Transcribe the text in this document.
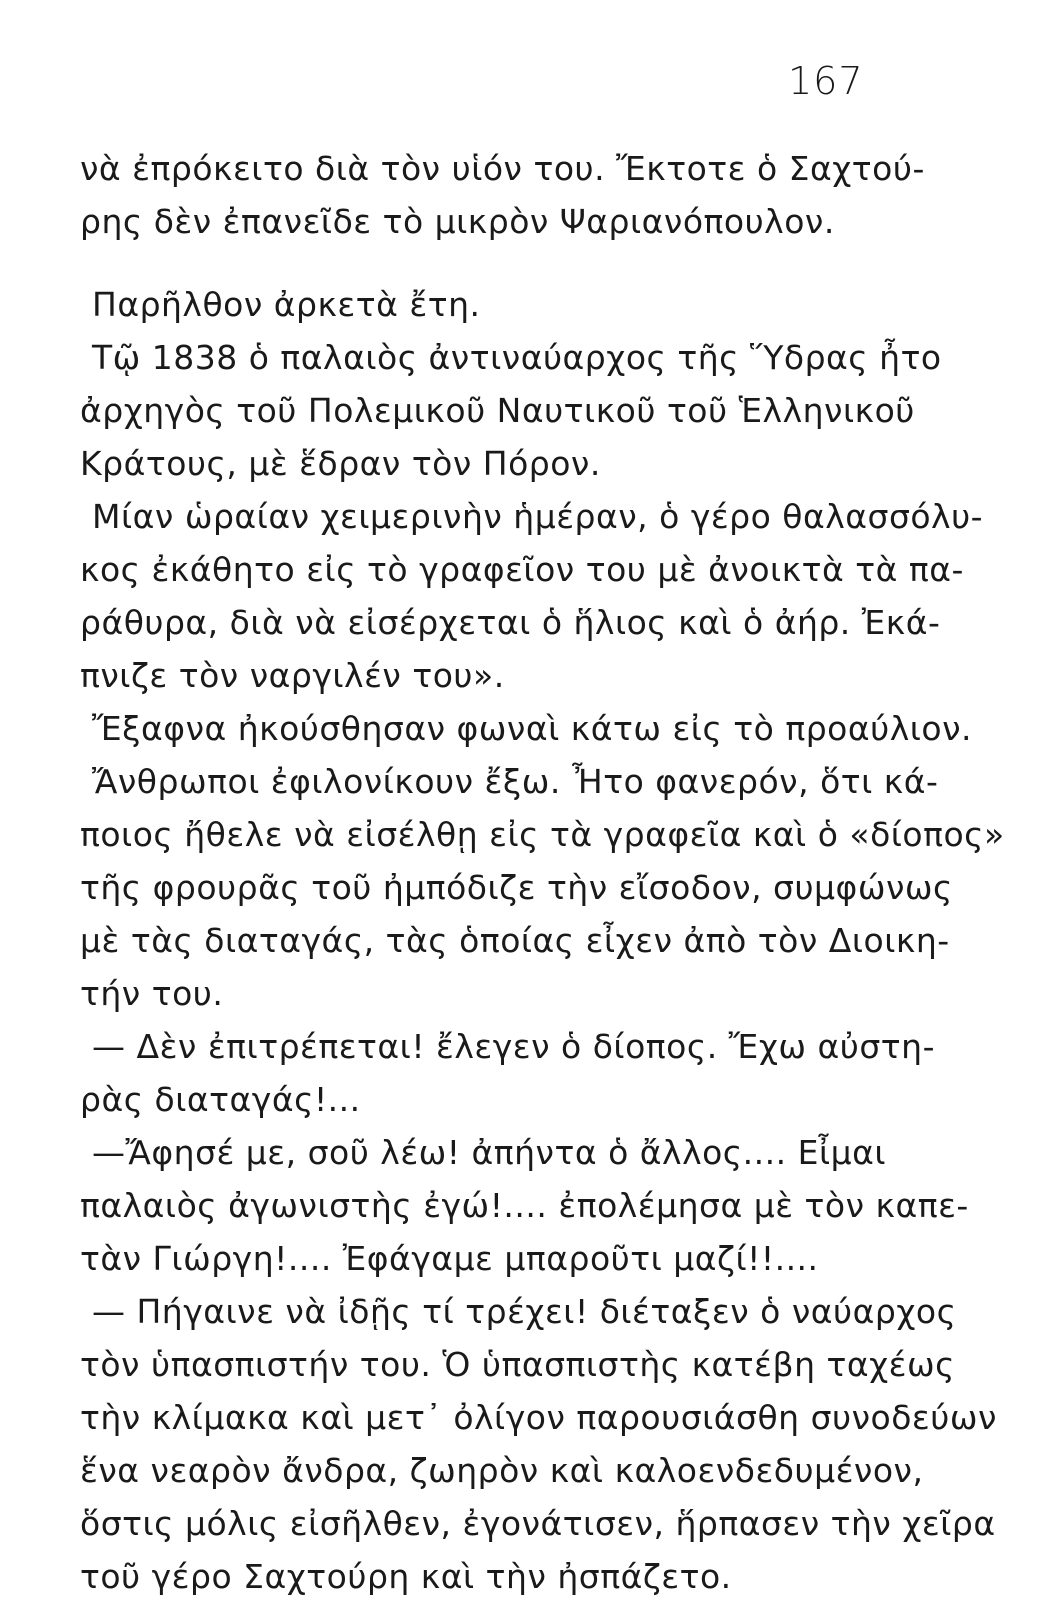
167
νὰ ἐπρόκειτο διὰ τὸν υἱόν του. Ἔκτοτε ὁ Σαχτού-
ρης δὲν ἐπανεῖδε τὸ μικρὸν Ψαριανόπουλον.
Παρῆλθον ἀρκετὰ ἔτη.
Τῷ 1838 ὁ παλαιὸς ἀντιναύαρχος τῆς Ὕδρας ἦτο
ἀρχηγὸς τοῦ Πολεμικοῦ Ναυτικοῦ τοῦ Ἑλληνικοῦ
Κράτους, μὲ ἕδραν τὸν Πόρον.
Μίαν ὡραίαν χειμερινὴν ἡμέραν, ὁ γέρο θαλασσόλυ-
κος ἐκάθητο εἰς τὸ γραφεῖον του μὲ ἀνοικτὰ τὰ πα-
ράθυρα, διὰ νὰ εἰσέρχεται ὁ ἥλιος καὶ ὁ ἀήρ. Ἐκά-
πνιζε τὸν ναργιλέν του».
Ἔξαφνα ἠκούσθησαν φωναὶ κάτω εἰς τὸ προαύλιον.
Ἄνθρωποι ἐφιλονίκουν ἔξω. Ἦτο φανερόν, ὅτι κά-
ποιος ἤθελε νὰ εἰσέλθῃ εἰς τὰ γραφεῖα καὶ ὁ «δίοπος»
τῆς φρουρᾶς τοῦ ἠμπόδιζε τὴν εἴσοδον, συμφώνως
μὲ τὰς διαταγάς, τὰς ὁποίας εἶχεν ἀπὸ τὸν Διοικη-
τήν του.
— Δὲν ἐπιτρέπεται! ἔλεγεν ὁ δίοπος. Ἔχω αὐστη-
ρὰς διαταγάς!...
—Ἄφησέ με, σοῦ λέω! ἀπήντα ὁ ἄλλος.... Εἶμαι
παλαιὸς ἀγωνιστὴς ἐγώ!.... ἐπολέμησα μὲ τὸν καπε-
τὰν Γιώργη!.... Ἐφάγαμε μπαροῦτι μαζί!!....
— Πήγαινε νὰ ἰδῇς τί τρέχει! διέταξεν ὁ ναύαρχος
τὸν ὑπασπιστήν του. Ὁ ὑπασπιστὴς κατέβη ταχέως
τὴν κλίμακα καὶ μετ᾽ ὀλίγον παρουσιάσθη συνοδεύων
ἕνα νεαρὸν ἄνδρα, ζωηρὸν καὶ καλοενδεδυμένον,
ὅστις μόλις εἰσῆλθεν, ἐγονάτισεν, ἥρπασεν τὴν χεῖρα
τοῦ γέρο Σαχτούρη καὶ τὴν ἠσπάζετο.
